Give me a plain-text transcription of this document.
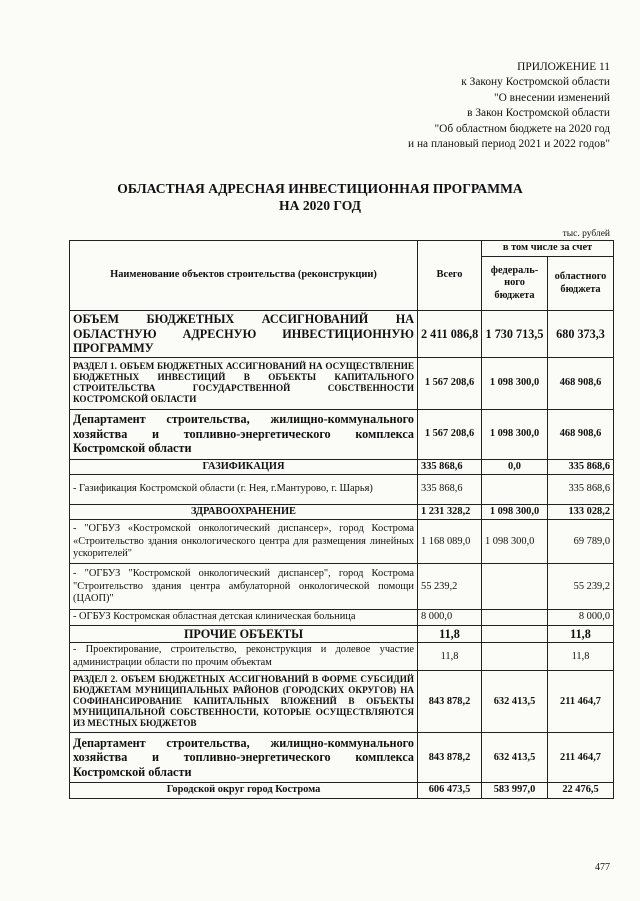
ПРИЛОЖЕНИЕ 11
к Закону Костромской области
"О внесении изменений
в Закон Костромской области
"Об областном бюджете на 2020 год
и на плановый период 2021 и 2022 годов"
ОБЛАСТНАЯ АДРЕСНАЯ ИНВЕСТИЦИОННАЯ ПРОГРАММА
НА 2020 ГОД
тыс. рублей
Наименование объектов строительства (реконструкции)	Всего	в том числе за счет	
		федераль-ного бюджета	областного бюджета
ОБЪЕМ БЮДЖЕТНЫХ АССИГНОВАНИЙ НА ОБЛАСТНУЮ АДРЕСНУЮ ИНВЕСТИЦИОННУЮ ПРОГРАММУ	2 411 086,8	1 730 713,5	680 373,3
РАЗДЕЛ 1. ОБЪЕМ БЮДЖЕТНЫХ АССИГНОВАНИЙ НА ОСУЩЕСТВЛЕНИЕ БЮДЖЕТНЫХ ИНВЕСТИЦИЙ В ОБЪЕКТЫ КАПИТАЛЬНОГО СТРОИТЕЛЬСТВА ГОСУДАРСТВЕННОЙ СОБСТВЕННОСТИ КОСТРОМСКОЙ ОБЛАСТИ	1 567 208,6	1 098 300,0	468 908,6
Департамент строительства, жилищно-коммунального хозяйства и топливно-энергетического комплекса Костромской области	1 567 208,6	1 098 300,0	468 908,6
ГАЗИФИКАЦИЯ	335 868,6	0,0	335 868,6
- Газификация Костромской области (г. Нея, г.Мантурово, г. Шарья)	335 868,6		335 868,6
ЗДРАВООХРАНЕНИЕ	1 231 328,2	1 098 300,0	133 028,2
- "ОГБУЗ «Костромской онкологический диспансер», город Кострома «Строительство здания онкологического центра для размещения линейных ускорителей"	1 168 089,0	1 098 300,0	69 789,0
- "ОГБУЗ "Костромской онкологический диспансер", город Кострома "Строительство здания центра амбулаторной онкологической помощи (ЦАОП)"	55 239,2		55 239,2
- ОГБУЗ Костромская областная детская клиническая больница	8 000,0		8 000,0
ПРОЧИЕ ОБЪЕКТЫ	11,8		11,8
- Проектирование, строительство, реконструкция и долевое участие администрации области по прочим объектам	11,8		11,8
РАЗДЕЛ 2. ОБЪЕМ БЮДЖЕТНЫХ АССИГНОВАНИЙ В ФОРМЕ СУБСИДИЙ БЮДЖЕТАМ МУНИЦИПАЛЬНЫХ РАЙОНОВ (ГОРОДСКИХ ОКРУГОВ) НА СОФИНАНСИРОВАНИЕ КАПИТАЛЬНЫХ ВЛОЖЕНИЙ В ОБЪЕКТЫ МУНИЦИПАЛЬНОЙ СОБСТВЕННОСТИ, КОТОРЫЕ ОСУЩЕСТВЛЯЮТСЯ ИЗ МЕСТНЫХ БЮДЖЕТОВ	843 878,2	632 413,5	211 464,7
Департамент строительства, жилищно-коммунального хозяйства и топливно-энергетического комплекса Костромской области	843 878,2	632 413,5	211 464,7
Городской округ город Кострома	606 473,5	583 997,0	22 476,5
477
